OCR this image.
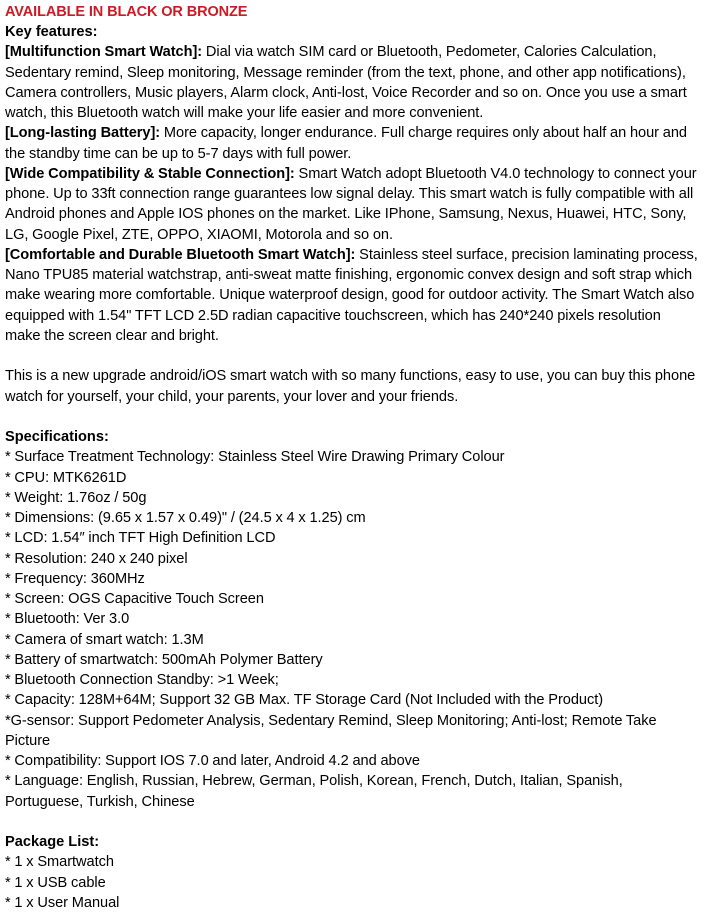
AVAILABLE IN BLACK OR BRONZE
Key features:

[Multifunction Smart Watch]: Dial via watch SIM card or Bluetooth, Pedometer, Calories Calculation, Sedentary remind, Sleep monitoring, Message reminder (from the text, phone, and other app notifications), Camera controllers, Music players, Alarm clock, Anti-lost, Voice Recorder and so on. Once you use a smart watch, this Bluetooth watch will make your life easier and more convenient.

[Long-lasting Battery]: More capacity, longer endurance. Full charge requires only about half an hour and the standby time can be up to 5-7 days with full power.

[Wide Compatibility & Stable Connection]: Smart Watch adopt Bluetooth V4.0 technology to connect your phone. Up to 33ft connection range guarantees low signal delay. This smart watch is fully compatible with all Android phones and Apple IOS phones on the market. Like IPhone, Samsung, Nexus, Huawei, HTC, Sony, LG, Google Pixel, ZTE, OPPO, XIAOMI, Motorola and so on.

[Comfortable and Durable Bluetooth Smart Watch]: Stainless steel surface, precision laminating process, Nano TPU85 material watchstrap, anti-sweat matte finishing, ergonomic convex design and soft strap which make wearing more comfortable. Unique waterproof design, good for outdoor activity. The Smart Watch also equipped with 1.54" TFT LCD 2.5D radian capacitive touchscreen, which has 240*240 pixels resolution make the screen clear and bright.

This is a new upgrade android/iOS smart watch with so many functions, easy to use, you can buy this phone watch for yourself, your child, your parents, your lover and your friends.

Specifications:

* Surface Treatment Technology: Stainless Steel Wire Drawing Primary Colour

* CPU: MTK6261D

* Weight: 1.76oz / 50g

* Dimensions: (9.65 x 1.57 x 0.49)" / (24.5 x 4 x 1.25) cm

* LCD: 1.54″ inch TFT High Definition LCD

* Resolution: 240 x 240 pixel

* Frequency: 360MHz

* Screen: OGS Capacitive Touch Screen

* Bluetooth: Ver 3.0

* Camera of smart watch: 1.3M

* Battery of smartwatch: 500mAh Polymer Battery

* Bluetooth Connection Standby: >1 Week;

* Capacity: 128M+64M; Support 32 GB Max. TF Storage Card (Not Included with the Product)

*G-sensor: Support Pedometer Analysis, Sedentary Remind, Sleep Monitoring; Anti-lost; Remote Take Picture

* Compatibility: Support IOS 7.0 and later, Android 4.2 and above

* Language: English, Russian, Hebrew, German, Polish, Korean, French, Dutch, Italian, Spanish, Portuguese, Turkish, Chinese

Package List:

* 1 x Smartwatch

* 1 x USB cable

* 1 x User Manual
